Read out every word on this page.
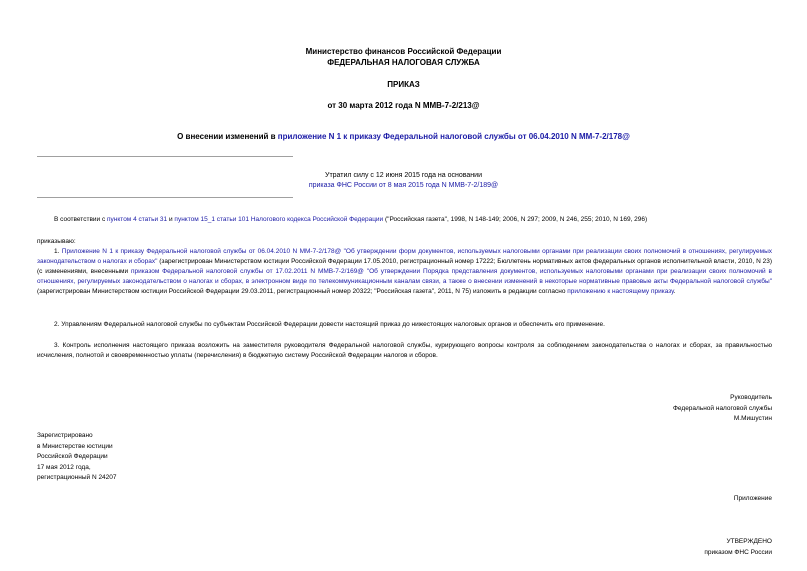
Министерство финансов Российской Федерации
ФЕДЕРАЛЬНАЯ НАЛОГОВАЯ СЛУЖБА
ПРИКАЗ
от 30 марта 2012 года N ММВ-7-2/213@
О внесении изменений в приложение N 1 к приказу Федеральной налоговой службы от 06.04.2010 N ММ-7-2/178@
Утратил силу с 12 июня 2015 года на основании
приказа ФНС России от 8 мая 2015 года N ММВ-7-2/189@
В соответствии с пунктом 4 статьи 31 и пунктом 15_1 статьи 101 Налогового кодекса Российской Федерации ("Российская газета", 1998, N 148-149; 2006, N 297; 2009, N 246, 255; 2010, N 169, 296)
приказываю:
1. Приложение N 1 к приказу Федеральной налоговой службы от 06.04.2010 N ММ-7-2/178@ "Об утверждении форм документов, используемых налоговыми органами при реализации своих полномочий в отношениях, регулируемых законодательством о налогах и сборах" (зарегистрирован Министерством юстиции Российской Федерации 17.05.2010, регистрационный номер 17222; Бюллетень нормативных актов федеральных органов исполнительной власти, 2010, N 23) (с изменениями, внесенными приказом Федеральной налоговой службы от 17.02.2011 N ММВ-7-2/169@ "Об утверждении Порядка представления документов, используемых налоговыми органами при реализации своих полномочий в отношениях, регулируемых законодательством о налогах и сборах, в электронном виде по телекоммуникационным каналам связи, а также о внесении изменений в некоторые нормативные правовые акты Федеральной налоговой службы" (зарегистрирован Министерством юстиции Российской Федерации 29.03.2011, регистрационный номер 20322; "Российская газета", 2011, N 75) изложить в редакции согласно приложению к настоящему приказу.
2. Управлениям Федеральной налоговой службы по субъектам Российской Федерации довести настоящий приказ до нижестоящих налоговых органов и обеспечить его применение.
3. Контроль исполнения настоящего приказа возложить на заместителя руководителя Федеральной налоговой службы, курирующего вопросы контроля за соблюдением законодательства о налогах и сборах, за правильностью исчисления, полнотой и своевременностью уплаты (перечисления) в бюджетную систему Российской Федерации налогов и сборов.
Руководитель
Федеральной налоговой службы
М.Мишустин
Зарегистрировано
в Министерстве юстиции
Российской Федерации
17 мая 2012 года,
регистрационный N 24207
Приложение
УТВЕРЖДЕНО
приказом ФНС России
